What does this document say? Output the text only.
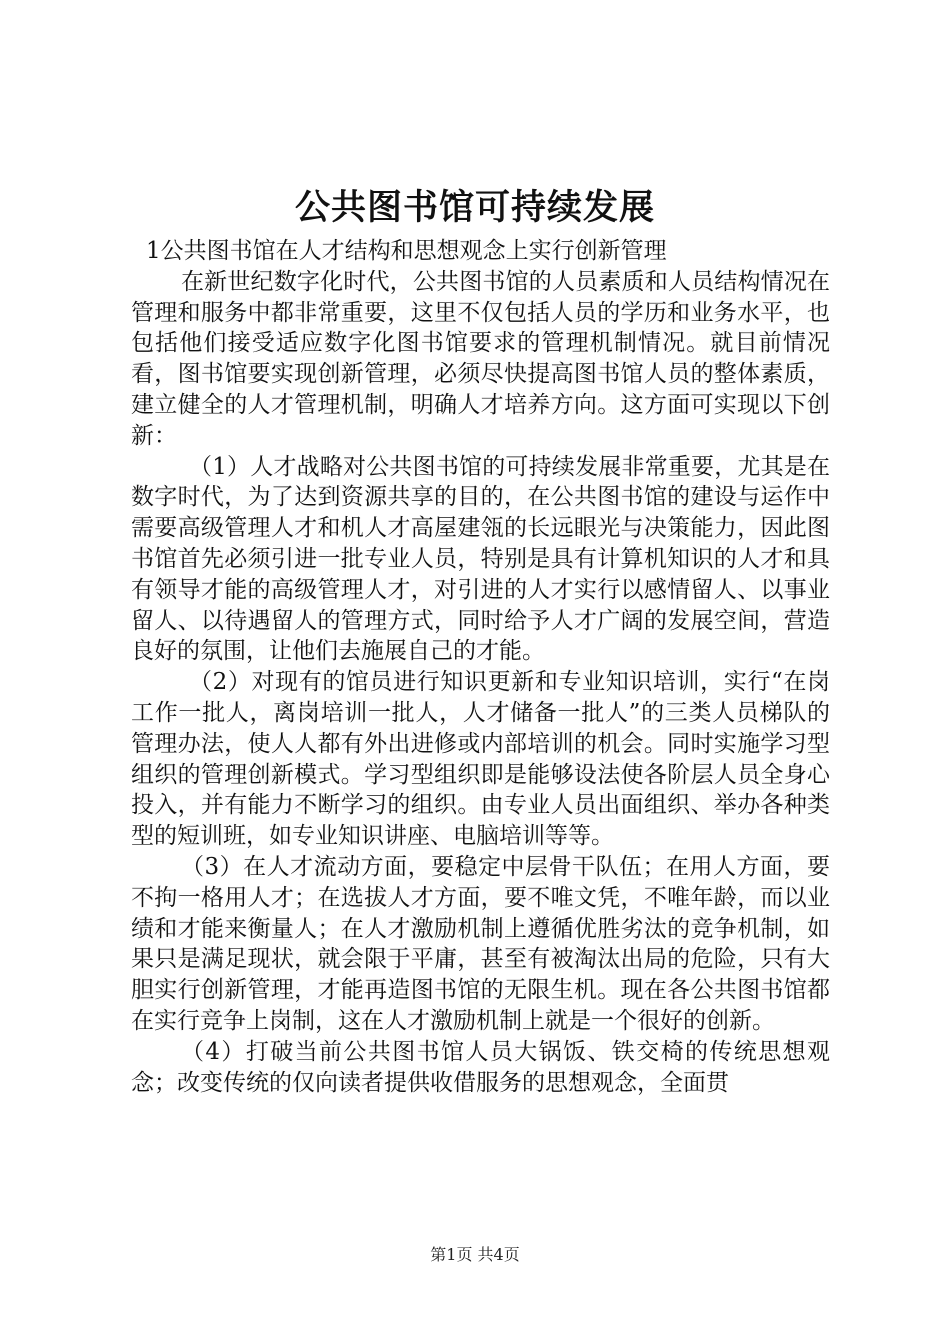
公共图书馆可持续发展

1公共图书馆在人才结构和思想观念上实行创新管理

在新世纪数字化时代，公共图书馆的人员素质和人员结构情况在管理和服务中都非常重要，这里不仅包括人员的学历和业务水平，也包括他们接受适应数字化图书馆要求的管理机制情况。就目前情况看，图书馆要实现创新管理，必须尽快提高图书馆人员的整体素质，建立健全的人才管理机制，明确人才培养方向。这方面可实现以下创新：

（1）人才战略对公共图书馆的可持续发展非常重要，尤其是在数字时代，为了达到资源共享的目的，在公共图书馆的建设与运作中需要高级管理人才和机人才高屋建瓴的长远眼光与决策能力，因此图书馆首先必须引进一批专业人员，特别是具有计算机知识的人才和具有领导才能的高级管理人才，对引进的人才实行以感情留人、以事业留人、以待遇留人的管理方式，同时给予人才广阔的发展空间，营造良好的氛围，让他们去施展自己的才能。

（2）对现有的馆员进行知识更新和专业知识培训，实行“在岗工作一批人，离岗培训一批人，人才储备一批人”的三类人员梯队的管理办法，使人人都有外出进修或内部培训的机会。同时实施学习型组织的管理创新模式。学习型组织即是能够设法使各阶层人员全身心投入，并有能力不断学习的组织。由专业人员出面组织、举办各种类型的短训班，如专业知识讲座、电脑培训等等。

（3）在人才流动方面，要稳定中层骨干队伍；在用人方面，要不拘一格用人才；在选拔人才方面，要不唯文凭，不唯年龄，而以业绩和才能来衡量人；在人才激励机制上遵循优胜劣汰的竞争机制，如果只是满足现状，就会限于平庸，甚至有被淘汰出局的危险，只有大胆实行创新管理，才能再造图书馆的无限生机。现在各公共图书馆都在实行竞争上岗制，这在人才激励机制上就是一个很好的创新。

（4）打破当前公共图书馆人员大锅饭、铁交椅的传统思想观念；改变传统的仅向读者提供收借服务的思想观念，全面贯

第1页 共4页
